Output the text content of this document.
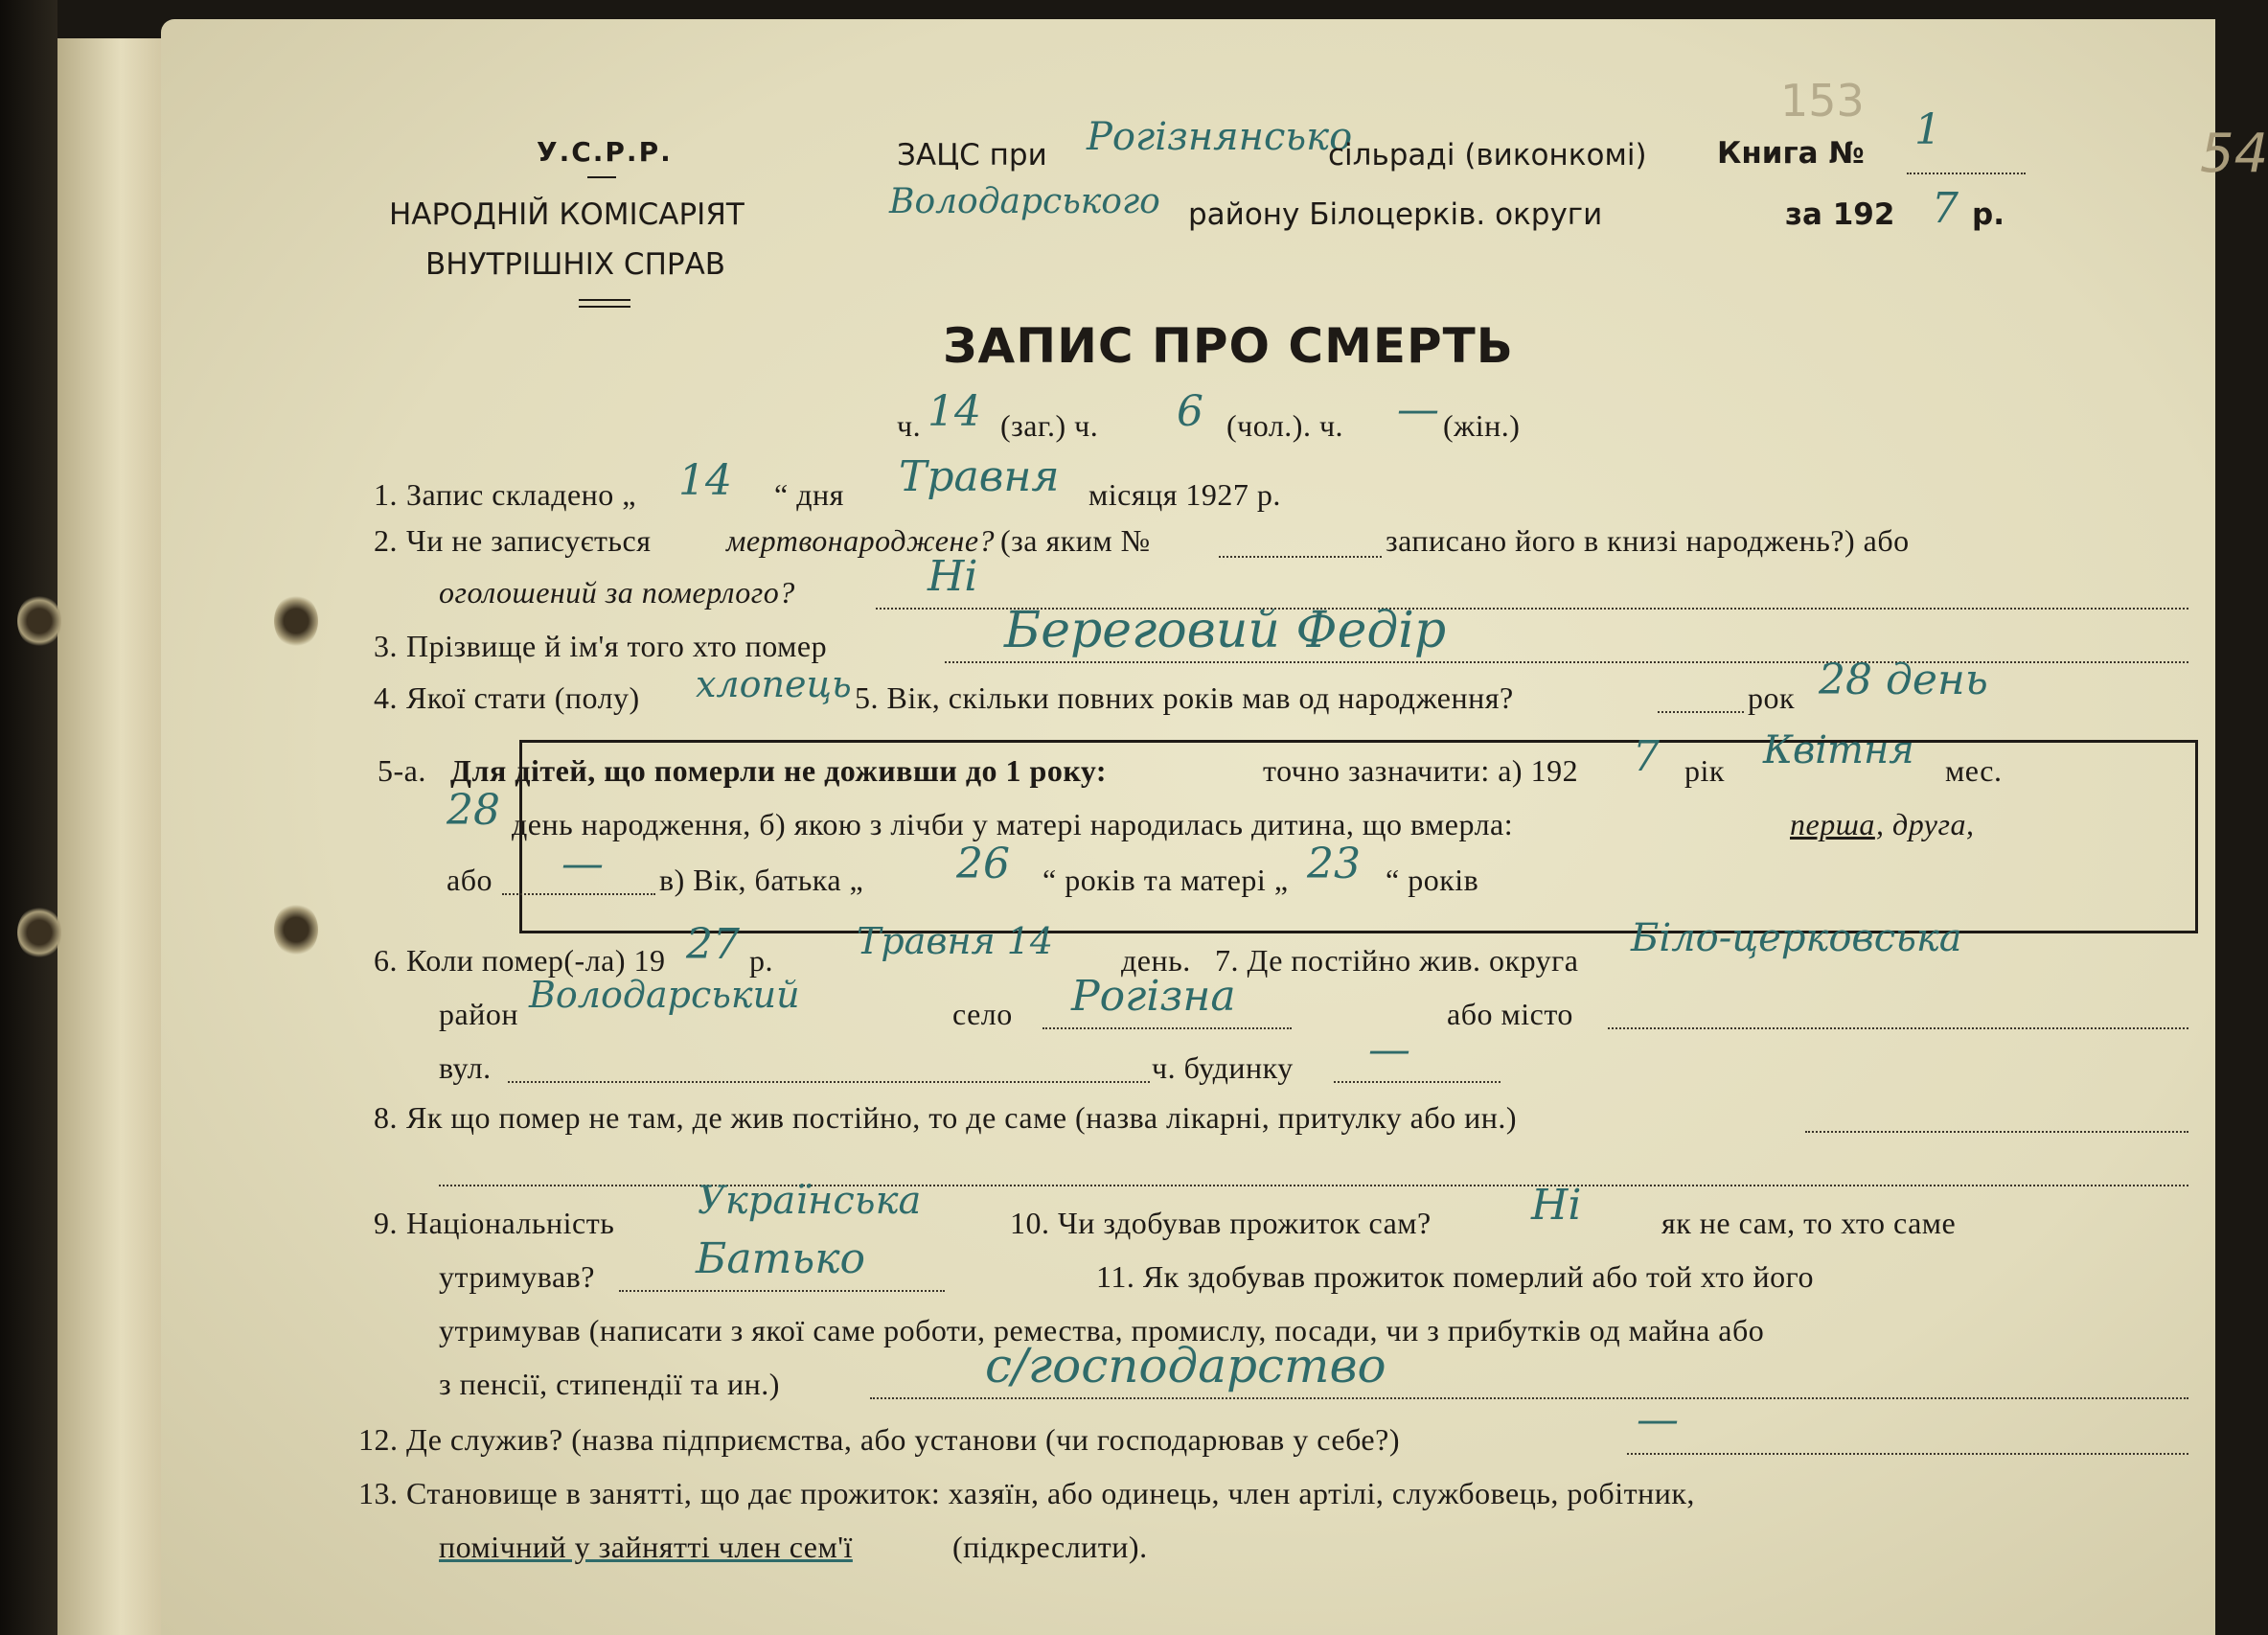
153
54
У.С.Р.Р.
НАРОДНІЙ КОМІСАРІЯТ
ВНУТРІШНІХ СПРАВ
ЗАЦС при Рогізнянсько
сільраді (виконкомі)
Володарського району Білоцерків. округи
Книга № 1
за 192 7 р.
ЗАПИС ПРО СМЕРТЬ
ч. 14 (заг.) ч. 6 (чол.). ч. — (жін.)
1. Запис складено „ 14 “ дня Травня місяця 1927 р.
2. Чи не записується мертвонароджене? (за яким №	записано його в книзі народжень?) або
оголошений за померлого?	Ні
3. Прізвище й ім'я того хто помер	Береговий Федір
4. Якої стати (полу) хлопець 5. Вік, скільки повних років мав од народження?	рок 28 день
5-а. Для дітей, що померли не доживши до 1 року:	точно зазначити: а) 192 7 рік Квітня мес.
28 день народження, б) якою з лічби у матері народилась дитина, що вмерла:	перша , друга,
або — в) Вік, батька „ 26 “ років та матері „ 23 “ років
6. Коли помер(-ла) 19 27 р. Травня 14 день. 7. Де постійно жив. округа Біло-церковська
район Володарський	село Рогізна	або місто
вул.	ч. будинку —
8. Як що помер не там, де жив постійно, то де саме (назва лікарні, притулку або ин.)
9. Національність Українська	10. Чи здобував прожиток сам? Ні	як не сам, то хто саме
утримував? Батько	11. Як здобував прожиток померлий або той хто його
утримував (написати з якої саме роботи, ремества, промислу, посади, чи з прибутків од майна або
з пенсії, стипендії та ин.)	с/господарство
12. Де служив? (назва підприємства, або установи (чи господарював у себе?)	—
13. Становище в занятті, що дає прожиток: хазяїн, або одинець, член артілі, службовець, робітник,
помічний у зайнятті член сем'ї	(підкреслити).
